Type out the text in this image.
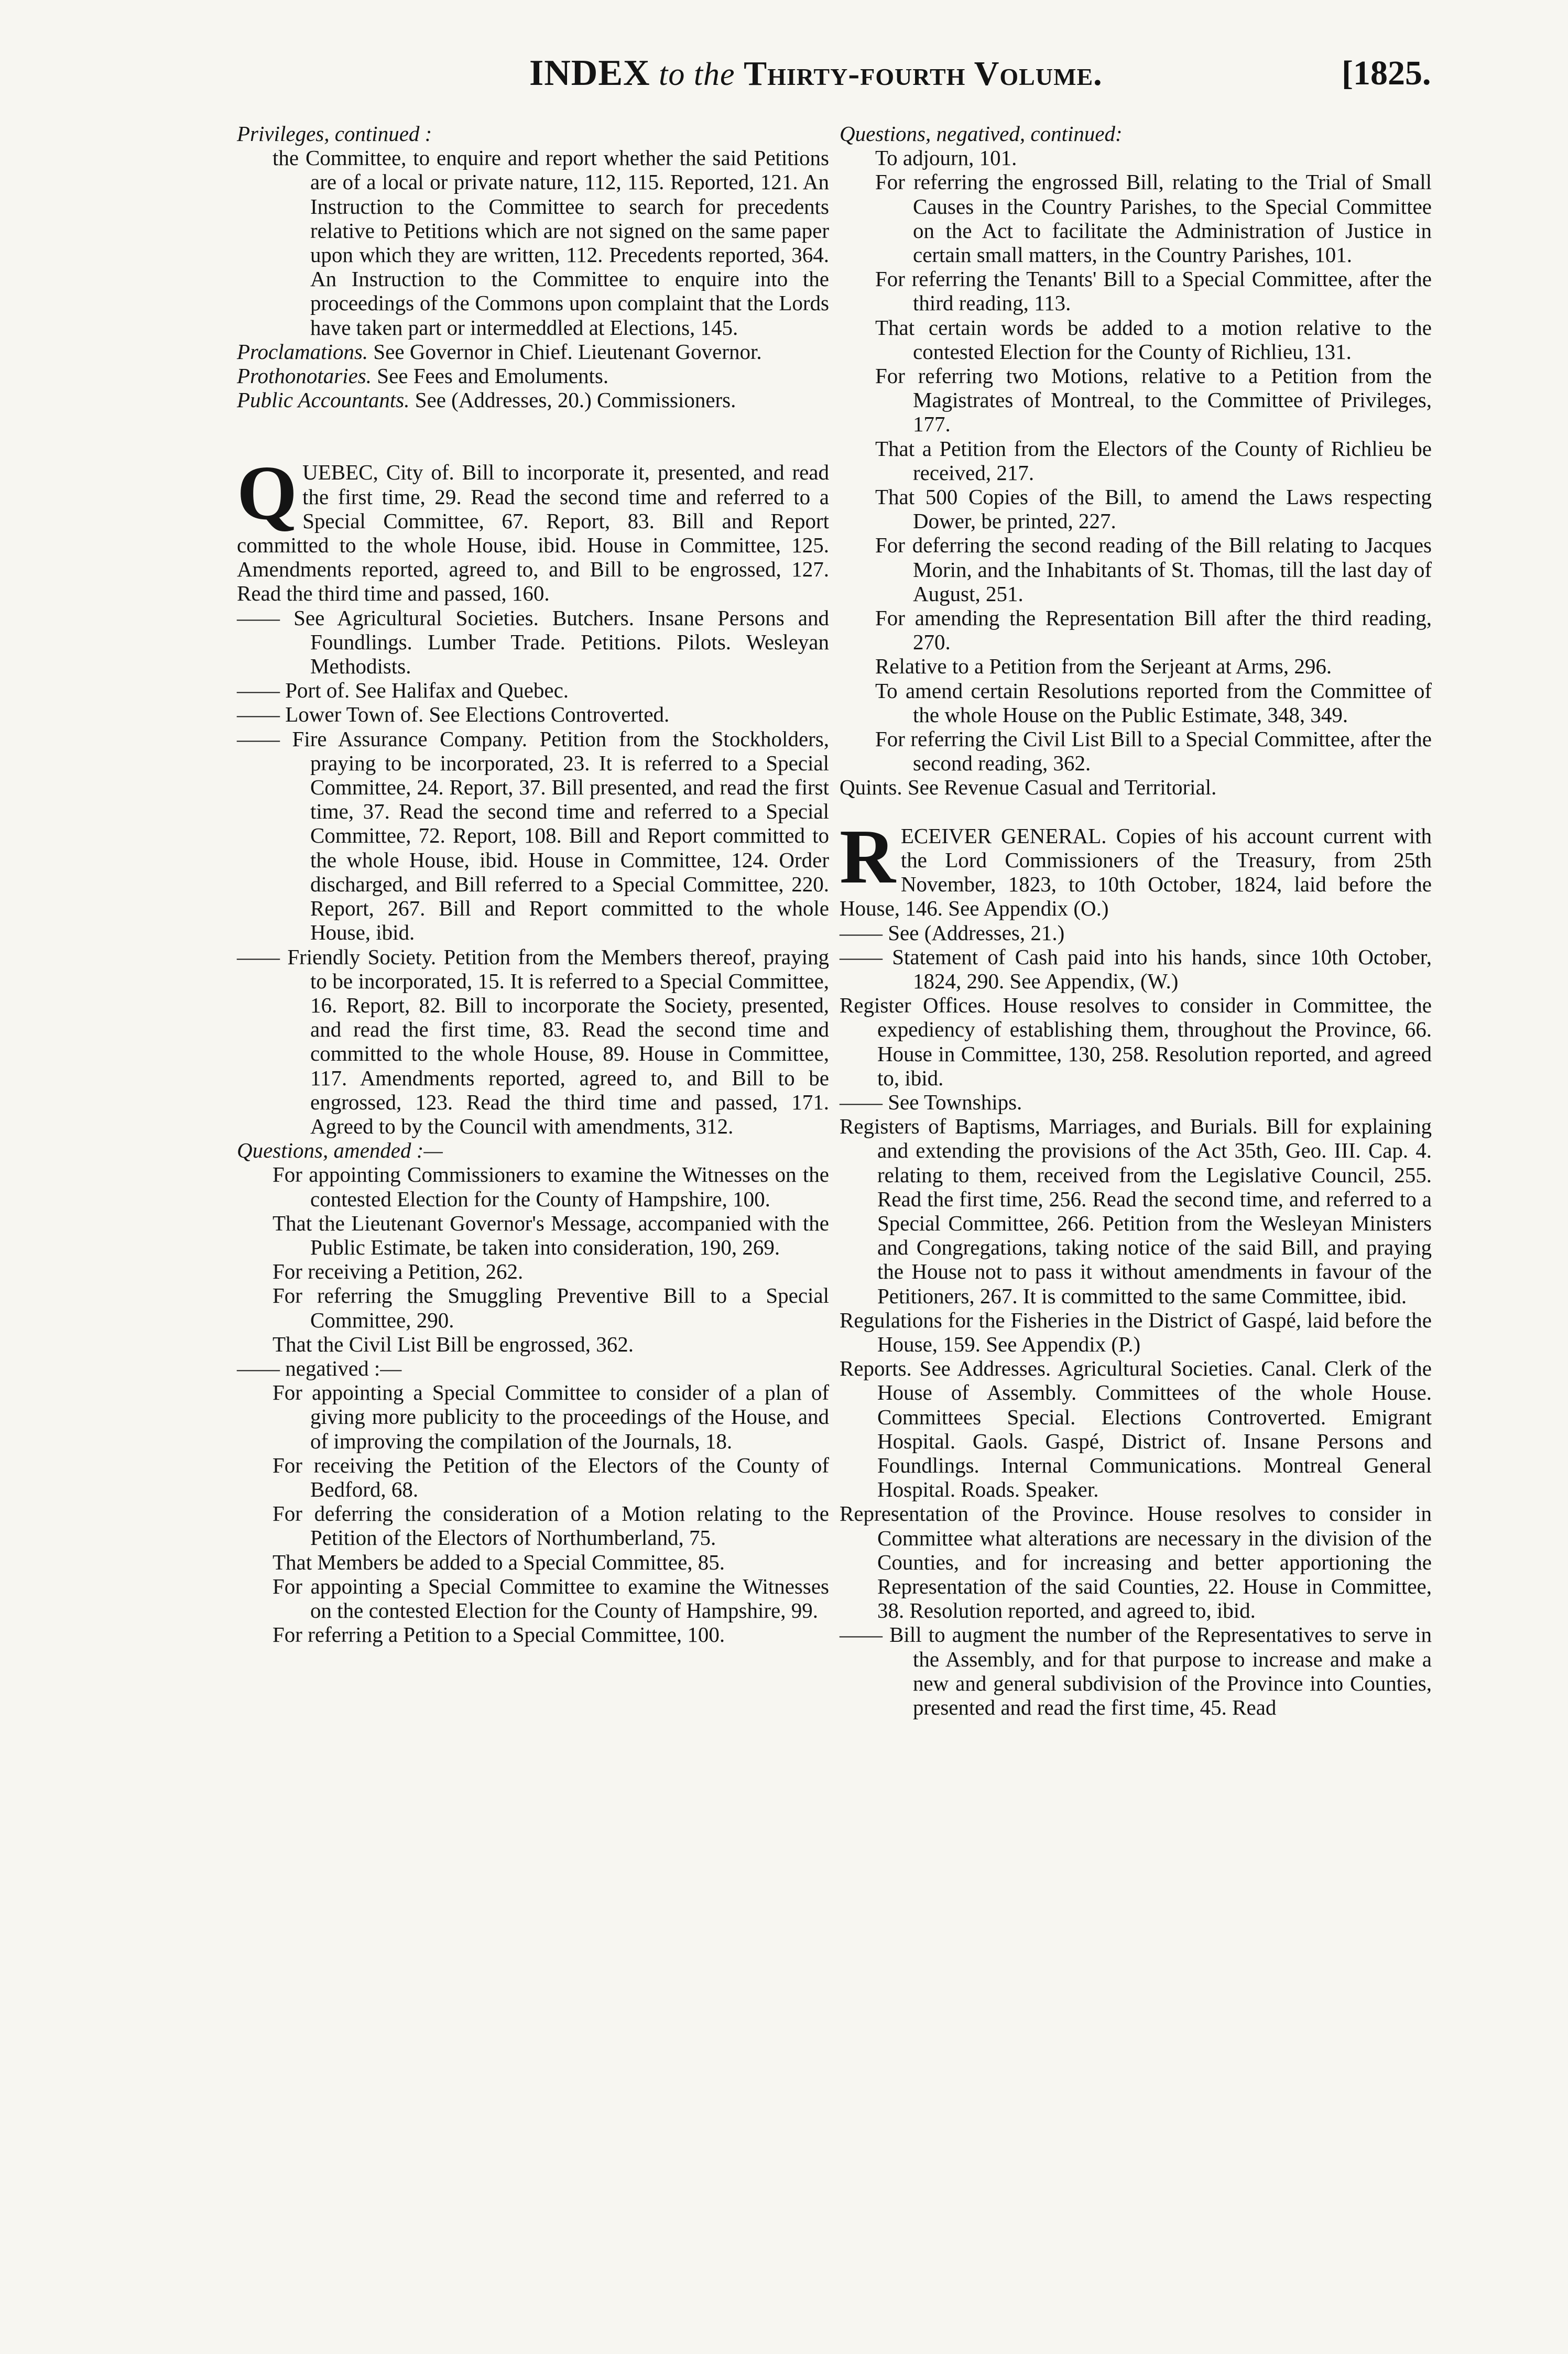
INDEX to the Thirty-fourth Volume.	[1825.

Privileges, continued :

the Committee, to enquire and report whether the said Petitions are of a local or private nature, 112, 115. Reported, 121. An Instruction to the Committee to search for precedents relative to Petitions which are not signed on the same paper upon which they are written, 112. Precedents reported, 364. An Instruction to the Committee to enquire into the proceedings of the Commons upon complaint that the Lords have taken part or intermeddled at Elections, 145.

Proclamations. See Governor in Chief. Lieutenant Governor.

Prothonotaries. See Fees and Emoluments.

Public Accountants. See (Addresses, 20.) Commissioners.

QUEBEC, City of. Bill to incorporate it, presented, and read the first time, 29. Read the second time and referred to a Special Committee, 67. Report, 83. Bill and Report committed to the whole House, ibid. House in Committee, 125. Amendments reported, agreed to, and Bill to be engrossed, 127. Read the third time and passed, 160.

—— See Agricultural Societies. Butchers. Insane Persons and Foundlings. Lumber Trade. Petitions. Pilots. Wesleyan Methodists.

—— Port of. See Halifax and Quebec.

—— Lower Town of. See Elections Controverted.

—— Fire Assurance Company. Petition from the Stockholders, praying to be incorporated, 23. It is referred to a Special Committee, 24. Report, 37. Bill presented, and read the first time, 37. Read the second time and referred to a Special Committee, 72. Report, 108. Bill and Report committed to the whole House, ibid. House in Committee, 124. Order discharged, and Bill referred to a Special Committee, 220. Report, 267. Bill and Report committed to the whole House, ibid.

—— Friendly Society. Petition from the Members thereof, praying to be incorporated, 15. It is referred to a Special Committee, 16. Report, 82. Bill to incorporate the Society, presented, and read the first time, 83. Read the second time and committed to the whole House, 89. House in Committee, 117. Amendments reported, agreed to, and Bill to be engrossed, 123. Read the third time and passed, 171. Agreed to by the Council with amendments, 312.

Questions, amended :—

For appointing Commissioners to examine the Witnesses on the contested Election for the County of Hampshire, 100.

That the Lieutenant Governor's Message, accompanied with the Public Estimate, be taken into consideration, 190, 269.

For receiving a Petition, 262.

For referring the Smuggling Preventive Bill to a Special Committee, 290.

That the Civil List Bill be engrossed, 362.

—— negatived :—

For appointing a Special Committee to consider of a plan of giving more publicity to the proceedings of the House, and of improving the compilation of the Journals, 18.

For receiving the Petition of the Electors of the County of Bedford, 68.

For deferring the consideration of a Motion relating to the Petition of the Electors of Northumberland, 75.

That Members be added to a Special Committee, 85.

For appointing a Special Committee to examine the Witnesses on the contested Election for the County of Hampshire, 99.

For referring a Petition to a Special Committee, 100.

Questions, negatived, continued:

To adjourn, 101.

For referring the engrossed Bill, relating to the Trial of Small Causes in the Country Parishes, to the Special Committee on the Act to facilitate the Administration of Justice in certain small matters, in the Country Parishes, 101.

For referring the Tenants' Bill to a Special Committee, after the third reading, 113.

That certain words be added to a motion relative to the contested Election for the County of Richlieu, 131.

For referring two Motions, relative to a Petition from the Magistrates of Montreal, to the Committee of Privileges, 177.

That a Petition from the Electors of the County of Richlieu be received, 217.

That 500 Copies of the Bill, to amend the Laws respecting Dower, be printed, 227.

For deferring the second reading of the Bill relating to Jacques Morin, and the Inhabitants of St. Thomas, till the last day of August, 251.

For amending the Representation Bill after the third reading, 270.

Relative to a Petition from the Serjeant at Arms, 296.

To amend certain Resolutions reported from the Committee of the whole House on the Public Estimate, 348, 349.

For referring the Civil List Bill to a Special Committee, after the second reading, 362.

Quints. See Revenue Casual and Territorial.

RECEIVER GENERAL. Copies of his account current with the Lord Commissioners of the Treasury, from 25th November, 1823, to 10th October, 1824, laid before the House, 146. See Appendix (O.)

—— See (Addresses, 21.)

—— Statement of Cash paid into his hands, since 10th October, 1824, 290. See Appendix, (W.)

Register Offices. House resolves to consider in Committee, the expediency of establishing them, throughout the Province, 66. House in Committee, 130, 258. Resolution reported, and agreed to, ibid.

—— See Townships.

Registers of Baptisms, Marriages, and Burials. Bill for explaining and extending the provisions of the Act 35th, Geo. III. Cap. 4. relating to them, received from the Legislative Council, 255. Read the first time, 256. Read the second time, and referred to a Special Committee, 266. Petition from the Wesleyan Ministers and Congregations, taking notice of the said Bill, and praying the House not to pass it without amendments in favour of the Petitioners, 267. It is committed to the same Committee, ibid.

Regulations for the Fisheries in the District of Gaspé, laid before the House, 159. See Appendix (P.)

Reports. See Addresses. Agricultural Societies. Canal. Clerk of the House of Assembly. Committees of the whole House. Committees Special. Elections Controverted. Emigrant Hospital. Gaols. Gaspé, District of. Insane Persons and Foundlings. Internal Communications. Montreal General Hospital. Roads. Speaker.

Representation of the Province. House resolves to consider in Committee what alterations are necessary in the division of the Counties, and for increasing and better apportioning the Representation of the said Counties, 22. House in Committee, 38. Resolution reported, and agreed to, ibid.

—— Bill to augment the number of the Representatives to serve in the Assembly, and for that purpose to increase and make a new and general subdivision of the Province into Counties, presented and read the first time, 45. Read
